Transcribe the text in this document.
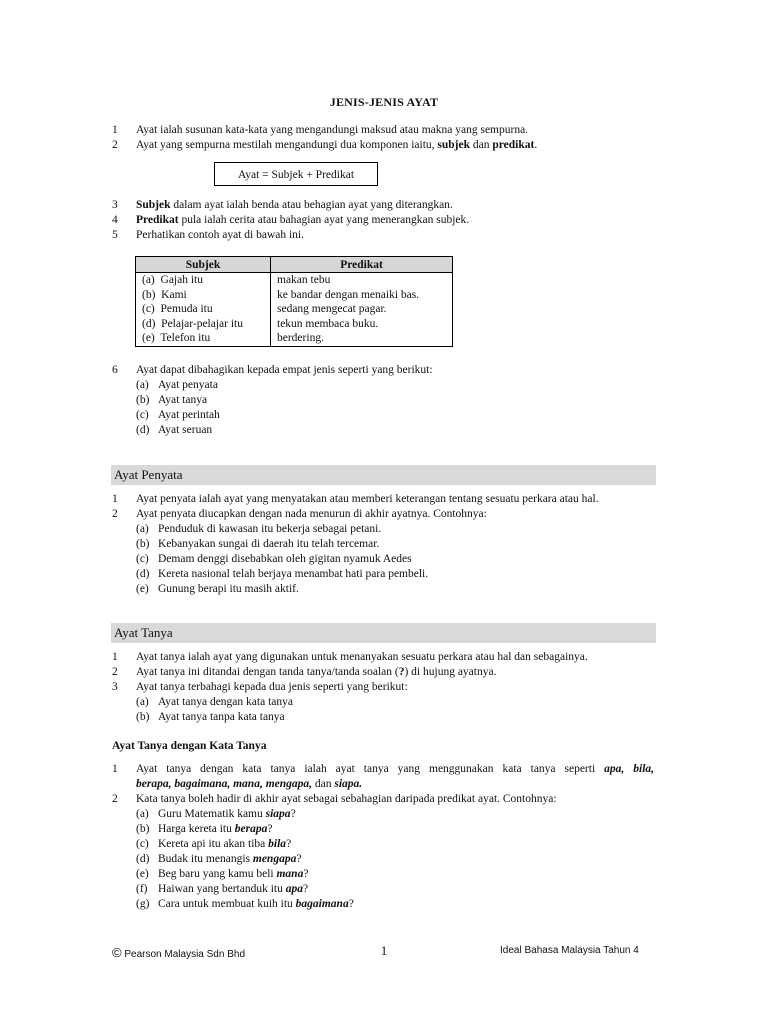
JENIS-JENIS AYAT
1 Ayat ialah susunan kata-kata yang mengandungi maksud atau makna yang sempurna.
2 Ayat yang sempurna mestilah mengandungi dua komponen iaitu, subjek dan predikat.
Ayat = Subjek + Predikat
3 Subjek dalam ayat ialah benda atau behagian ayat yang diterangkan.
4 Predikat pula ialah cerita atau bahagian ayat yang menerangkan subjek.
5 Perhatikan contoh ayat di bawah ini.
Subjek	Predikat
(a) Gajah itu	makan tebu
(b) Kami	ke bandar dengan menaiki bas.
(c) Pemuda itu	sedang mengecat pagar.
(d) Pelajar-pelajar itu	tekun membaca buku.
(e) Telefon itu	berdering.
6 Ayat dapat dibahagikan kepada empat jenis seperti yang berikut:
(a) Ayat penyata
(b) Ayat tanya
(c) Ayat perintah
(d) Ayat seruan
Ayat Penyata
1 Ayat penyata ialah ayat yang menyatakan atau memberi keterangan tentang sesuatu perkara atau hal.
2 Ayat penyata diucapkan dengan nada menurun di akhir ayatnya. Contohnya:
(a) Penduduk di kawasan itu bekerja sebagai petani.
(b) Kebanyakan sungai di daerah itu telah tercemar.
(c) Demam denggi disebabkan oleh gigitan nyamuk Aedes
(d) Kereta nasional telah berjaya menambat hati para pembeli.
(e) Gunung berapi itu masih aktif.
Ayat Tanya
1 Ayat tanya ialah ayat yang digunakan untuk menanyakan sesuatu perkara atau hal dan sebagainya.
2 Ayat tanya ini ditandai dengan tanda tanya/tanda soalan (?) di hujung ayatnya.
3 Ayat tanya terbahagi kepada dua jenis seperti yang berikut:
(a) Ayat tanya dengan kata tanya
(b) Ayat tanya tanpa kata tanya
Ayat Tanya dengan Kata Tanya
1 Ayat tanya dengan kata tanya ialah ayat tanya yang menggunakan kata tanya seperti apa, bila,
berapa, bagaimana, mana, mengapa, dan siapa.
2 Kata tanya boleh hadir di akhir ayat sebagai sebahagian daripada predikat ayat. Contohnya:
(a) Guru Matematik kamu siapa?
(b) Harga kereta itu berapa?
(c) Kereta api itu akan tiba bila?
(d) Budak itu menangis mengapa?
(e) Beg baru yang kamu beli mana?
(f) Haiwan yang bertanduk itu apa?
(g) Cara untuk membuat kuih itu bagaimana?
© Pearson Malaysia Sdn Bhd	1	Ideal Bahasa Malaysia Tahun 4
